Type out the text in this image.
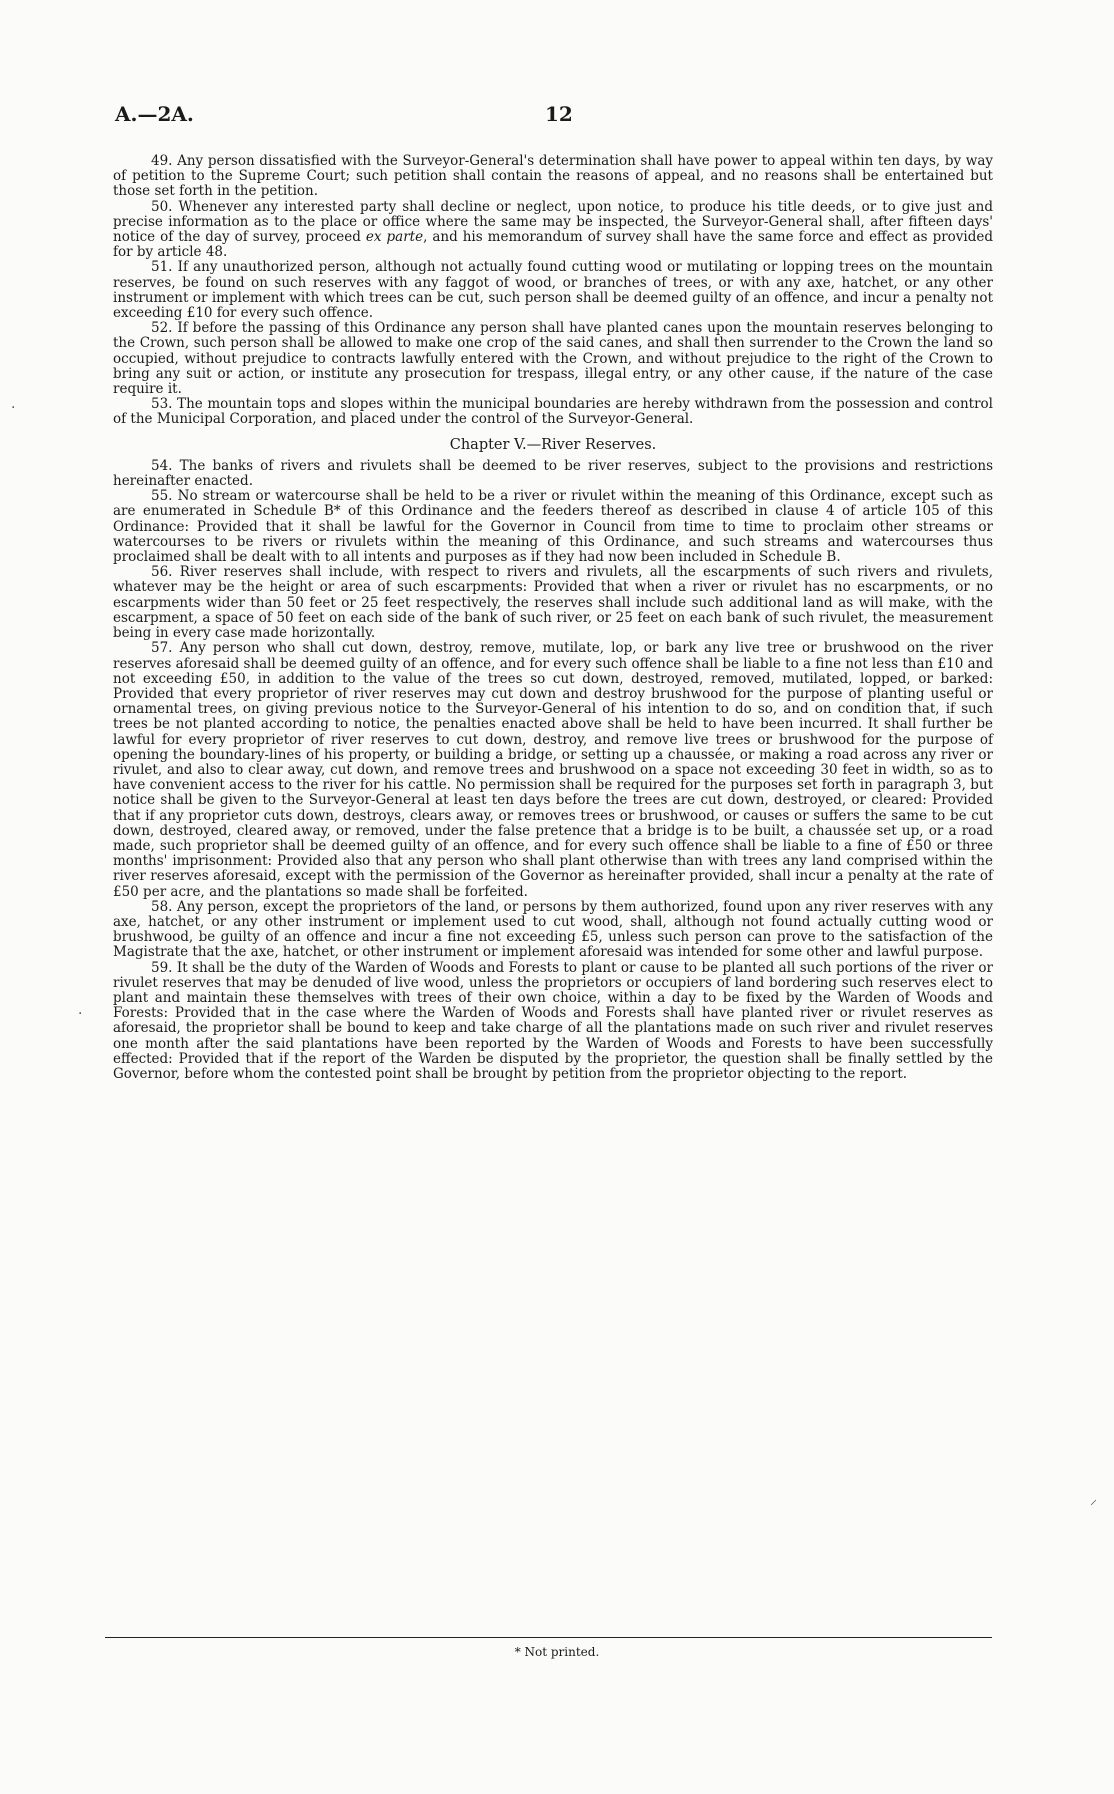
A.—2A.	12

49. Any person dissatisfied with the Surveyor-General's determination shall have power to appeal within ten days, by way of petition to the Supreme Court; such petition shall contain the reasons of appeal, and no reasons shall be entertained but those set forth in the petition.

50. Whenever any interested party shall decline or neglect, upon notice, to produce his title deeds, or to give just and precise information as to the place or office where the same may be inspected, the Surveyor-General shall, after fifteen days' notice of the day of survey, proceed ex parte, and his memorandum of survey shall have the same force and effect as provided for by article 48.

51. If any unauthorized person, although not actually found cutting wood or mutilating or lopping trees on the mountain reserves, be found on such reserves with any faggot of wood, or branches of trees, or with any axe, hatchet, or any other instrument or implement with which trees can be cut, such person shall be deemed guilty of an offence, and incur a penalty not exceeding £10 for every such offence.

52. If before the passing of this Ordinance any person shall have planted canes upon the mountain reserves belonging to the Crown, such person shall be allowed to make one crop of the said canes, and shall then surrender to the Crown the land so occupied, without prejudice to contracts lawfully entered with the Crown, and without prejudice to the right of the Crown to bring any suit or action, or institute any prosecution for trespass, illegal entry, or any other cause, if the nature of the case require it.

53. The mountain tops and slopes within the municipal boundaries are hereby withdrawn from the possession and control of the Municipal Corporation, and placed under the control of the Surveyor-General.

Chapter V.—River Reserves.

54. The banks of rivers and rivulets shall be deemed to be river reserves, subject to the provisions and restrictions hereinafter enacted.

55. No stream or watercourse shall be held to be a river or rivulet within the meaning of this Ordinance, except such as are enumerated in Schedule B* of this Ordinance and the feeders thereof as described in clause 4 of article 105 of this Ordinance: Provided that it shall be lawful for the Governor in Council from time to time to proclaim other streams or watercourses to be rivers or rivulets within the meaning of this Ordinance, and such streams and watercourses thus proclaimed shall be dealt with to all intents and purposes as if they had now been included in Schedule B.

56. River reserves shall include, with respect to rivers and rivulets, all the escarpments of such rivers and rivulets, whatever may be the height or area of such escarpments: Provided that when a river or rivulet has no escarpments, or no escarpments wider than 50 feet or 25 feet respectively, the reserves shall include such additional land as will make, with the escarpment, a space of 50 feet on each side of the bank of such river, or 25 feet on each bank of such rivulet, the measurement being in every case made horizontally.

57. Any person who shall cut down, destroy, remove, mutilate, lop, or bark any live tree or brushwood on the river reserves aforesaid shall be deemed guilty of an offence, and for every such offence shall be liable to a fine not less than £10 and not exceeding £50, in addition to the value of the trees so cut down, destroyed, removed, mutilated, lopped, or barked: Provided that every proprietor of river reserves may cut down and destroy brushwood for the purpose of planting useful or ornamental trees, on giving previous notice to the Surveyor-General of his intention to do so, and on condition that, if such trees be not planted according to notice, the penalties enacted above shall be held to have been incurred. It shall further be lawful for every proprietor of river reserves to cut down, destroy, and remove live trees or brushwood for the purpose of opening the boundary-lines of his property, or building a bridge, or setting up a chaussée, or making a road across any river or rivulet, and also to clear away, cut down, and remove trees and brushwood on a space not exceeding 30 feet in width, so as to have convenient access to the river for his cattle. No permission shall be required for the purposes set forth in paragraph 3, but notice shall be given to the Surveyor-General at least ten days before the trees are cut down, destroyed, or cleared: Provided that if any proprietor cuts down, destroys, clears away, or removes trees or brushwood, or causes or suffers the same to be cut down, destroyed, cleared away, or removed, under the false pretence that a bridge is to be built, a chaussée set up, or a road made, such proprietor shall be deemed guilty of an offence, and for every such offence shall be liable to a fine of £50 or three months' imprisonment: Provided also that any person who shall plant otherwise than with trees any land comprised within the river reserves aforesaid, except with the permission of the Governor as hereinafter provided, shall incur a penalty at the rate of £50 per acre, and the plantations so made shall be forfeited.

58. Any person, except the proprietors of the land, or persons by them authorized, found upon any river reserves with any axe, hatchet, or any other instrument or implement used to cut wood, shall, although not found actually cutting wood or brushwood, be guilty of an offence and incur a fine not exceeding £5, unless such person can prove to the satisfaction of the Magistrate that the axe, hatchet, or other instrument or implement aforesaid was intended for some other and lawful purpose.

59. It shall be the duty of the Warden of Woods and Forests to plant or cause to be planted all such portions of the river or rivulet reserves that may be denuded of live wood, unless the proprietors or occupiers of land bordering such reserves elect to plant and maintain these themselves with trees of their own choice, within a day to be fixed by the Warden of Woods and Forests: Provided that in the case where the Warden of Woods and Forests shall have planted river or rivulet reserves as aforesaid, the proprietor shall be bound to keep and take charge of all the plantations made on such river and rivulet reserves one month after the said plantations have been reported by the Warden of Woods and Forests to have been successfully effected: Provided that if the report of the Warden be disputed by the proprietor, the question shall be finally settled by the Governor, before whom the contested point shall be brought by petition from the proprietor objecting to the report.

* Not printed.
·
·
⸝
